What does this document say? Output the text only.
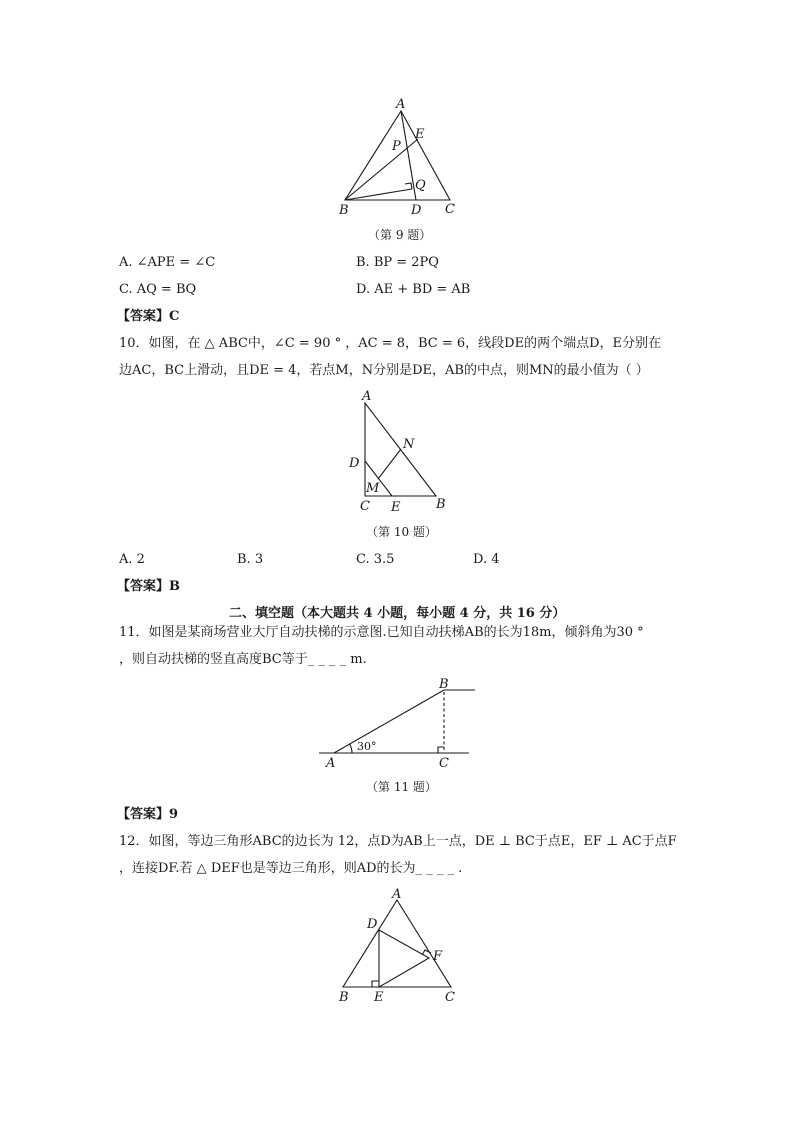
A
E
P
Q
B	D C
（第 9 题）
A. ∠APE = ∠C	B. BP = 2PQ
C. AQ = BQ	D. AE + BD = AB
【答案】C
10．如图，在 △ ABC中，∠C = 90 ° ，AC = 8，BC = 6，线段DE的两个端点D，E分别在
边AC，BC上滑动，且DE = 4，若点M，N分别是DE，AB的中点，则MN的最小值为（ ）
A
N
D
M
C E	B
（第 10 题）
A. 2	B. 3	C. 3.5	D. 4
【答案】B
二、填空题（本大题共 4 小题，每小题 4 分，共 16 分）
11．如图是某商场营业大厅自动扶梯的示意图.已知自动扶梯AB的长为18m，倾斜角为30 °
，则自动扶梯的竖直高度BC等于_ _ _ _ m.
30°
B
A	C
（第 11 题）
【答案】9
12．如图，等边三角形ABC的边长为 12，点D为AB上一点，DE ⊥ BC于点E，EF ⊥ AC于点F
，连接DF.若 △ DEF也是等边三角形，则AD的长为_ _ _ _ .
A
D
F
B E	C
